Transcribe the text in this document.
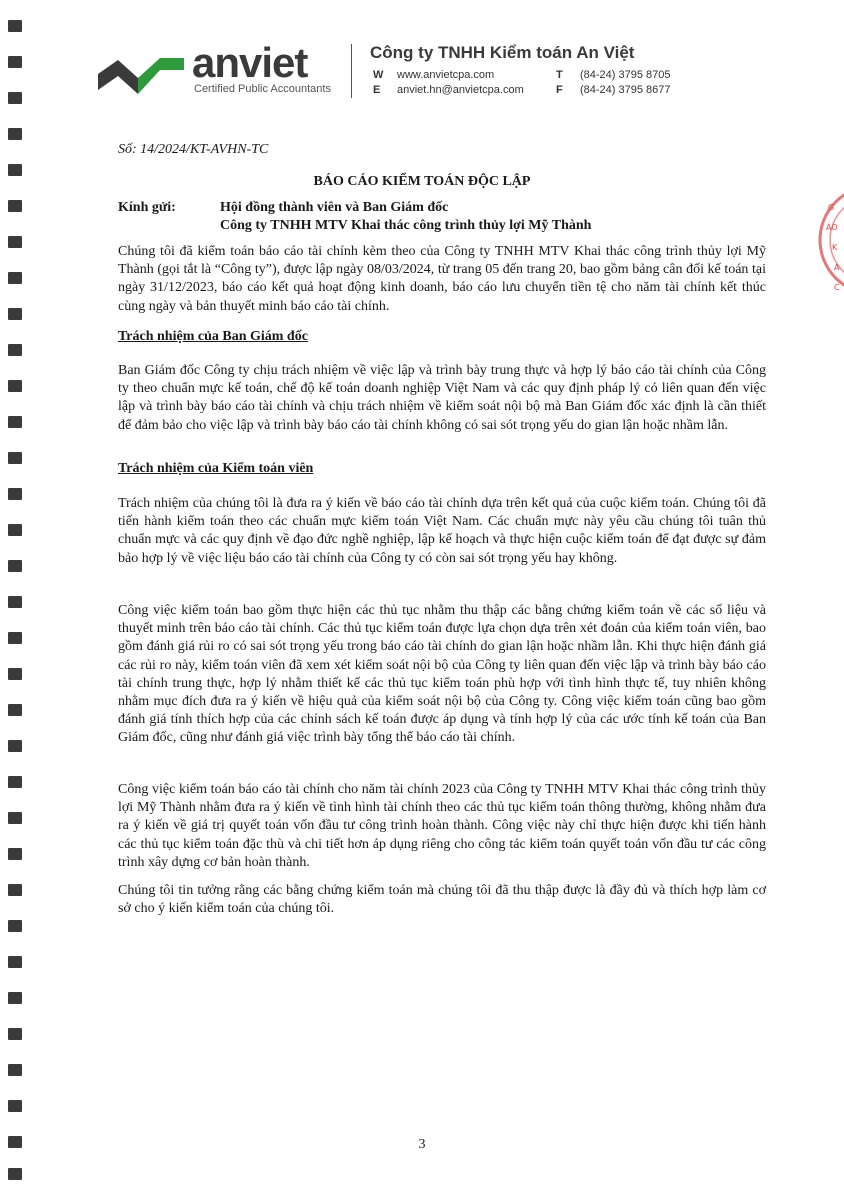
anviet
Certified Public Accountants
Công ty TNHH Kiểm toán An Việt
W www.anvietcpa.com
E anviet.hn@anvietcpa.com
T (84-24) 3795 8705
F (84-24) 3795 8677
Số: 14/2024/KT-AVHN-TC
BÁO CÁO KIỂM TOÁN ĐỘC LẬP
Kính gửi:	Hội đồng thành viên và Ban Giám đốc
Công ty TNHH MTV Khai thác công trình thủy lợi Mỹ Thành

Chúng tôi đã kiểm toán báo cáo tài chính kèm theo của Công ty TNHH MTV Khai thác công trình thủy lợi Mỹ Thành (gọi tắt là “Công ty”), được lập ngày 08/03/2024, từ trang 05 đến trang 20, bao gồm bảng cân đối kế toán tại ngày 31/12/2023, báo cáo kết quả hoạt động kinh doanh, báo cáo lưu chuyển tiền tệ cho năm tài chính kết thúc cùng ngày và bản thuyết minh báo cáo tài chính.

Trách nhiệm của Ban Giám đốc

Ban Giám đốc Công ty chịu trách nhiệm về việc lập và trình bày trung thực và hợp lý báo cáo tài chính của Công ty theo chuẩn mực kế toán, chế độ kế toán doanh nghiệp Việt Nam và các quy định pháp lý có liên quan đến việc lập và trình bày báo cáo tài chính và chịu trách nhiệm về kiểm soát nội bộ mà Ban Giám đốc xác định là cần thiết để đảm bảo cho việc lập và trình bày báo cáo tài chính không có sai sót trọng yếu do gian lận hoặc nhầm lẫn.

Trách nhiệm của Kiểm toán viên

Trách nhiệm của chúng tôi là đưa ra ý kiến về báo cáo tài chính dựa trên kết quả của cuộc kiểm toán. Chúng tôi đã tiến hành kiểm toán theo các chuẩn mực kiểm toán Việt Nam. Các chuẩn mực này yêu cầu chúng tôi tuân thủ chuẩn mực và các quy định về đạo đức nghề nghiệp, lập kế hoạch và thực hiện cuộc kiểm toán để đạt được sự đảm bảo hợp lý về việc liệu báo cáo tài chính của Công ty có còn sai sót trọng yếu hay không.

Công việc kiểm toán bao gồm thực hiện các thủ tục nhằm thu thập các bằng chứng kiểm toán về các số liệu và thuyết minh trên báo cáo tài chính. Các thủ tục kiểm toán được lựa chọn dựa trên xét đoán của kiểm toán viên, bao gồm đánh giá rủi ro có sai sót trọng yếu trong báo cáo tài chính do gian lận hoặc nhầm lẫn. Khi thực hiện đánh giá các rủi ro này, kiểm toán viên đã xem xét kiểm soát nội bộ của Công ty liên quan đến việc lập và trình bày báo cáo tài chính trung thực, hợp lý nhằm thiết kế các thủ tục kiểm toán phù hợp với tình hình thực tế, tuy nhiên không nhằm mục đích đưa ra ý kiến về hiệu quả của kiểm soát nội bộ của Công ty. Công việc kiểm toán cũng bao gồm đánh giá tính thích hợp của các chính sách kế toán được áp dụng và tính hợp lý của các ước tính kế toán của Ban Giám đốc, cũng như đánh giá việc trình bày tổng thể báo cáo tài chính.

Công việc kiểm toán báo cáo tài chính cho năm tài chính 2023 của Công ty TNHH MTV Khai thác công trình thủy lợi Mỹ Thành nhằm đưa ra ý kiến về tình hình tài chính theo các thủ tục kiểm toán thông thường, không nhằm đưa ra ý kiến về giá trị quyết toán vốn đầu tư công trình hoàn thành. Công việc này chỉ thực hiện được khi tiến hành các thủ tục kiểm toán đặc thù và chi tiết hơn áp dụng riêng cho công tác kiểm toán quyết toán vốn đầu tư các công trình xây dựng cơ bản hoàn thành.

Chúng tôi tin tưởng rằng các bằng chứng kiểm toán mà chúng tôi đã thu thập được là đầy đủ và thích hợp làm cơ sở cho ý kiến kiểm toán của chúng tôi.

3
G
ÁO
K
A
C
